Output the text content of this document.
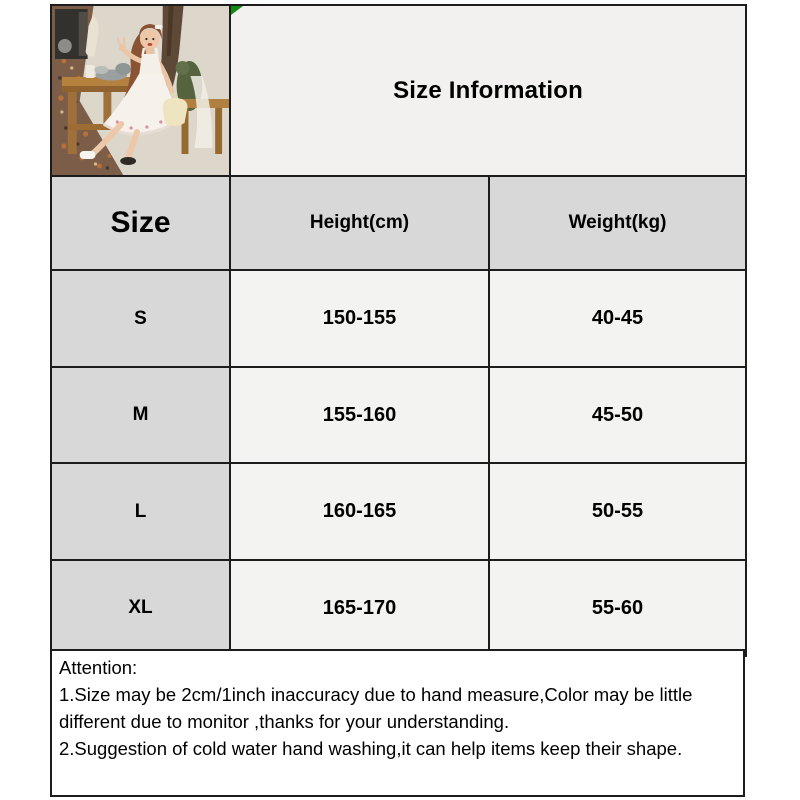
Size Information	
Size	Height(cm)	Weight(kg)
S	150-155	40-45
M	155-160	45-50
L	160-165	50-55
XL	165-170	55-60
Attention:
1.Size may be 2cm/1inch inaccuracy due to hand measure,Color may be little
different due to monitor ,thanks for your understanding.
2.Suggestion of cold water hand washing,it can help items keep their shape.
